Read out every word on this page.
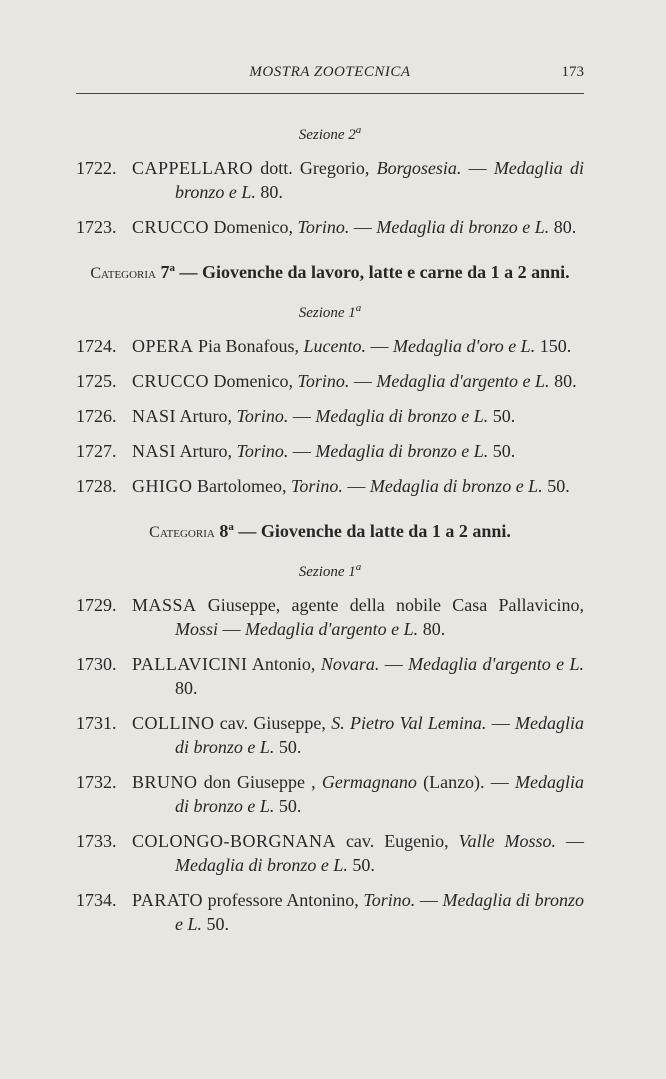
MOSTRA ZOOTECNICA	173
Sezione 2$^a$
1722. CAPPELLARO dott. Gregorio, Borgosesia. — Medaglia di bronzo e L. 80.
1723. CRUCCO Domenico, Torino. — Medaglia di bronzo e L. 80.
Categoria 7$^a$ — Giovenche da lavoro, latte e carne da 1 a 2 anni.
Sezione 1$^a$
1724. OPERA Pia Bonafous, Lucento. — Medaglia d'oro e L. 150.
1725. CRUCCO Domenico, Torino. — Medaglia d'argento e L. 80.
1726. NASI Arturo, Torino. — Medaglia di bronzo e L. 50.
1727. NASI Arturo, Torino. — Medaglia di bronzo e L. 50.
1728. GHIGO Bartolomeo, Torino. — Medaglia di bronzo e L. 50.
Categoria 8$^a$ — Giovenche da latte da 1 a 2 anni.
Sezione 1$^a$
1729. MASSA Giuseppe, agente della nobile Casa Pallavicino, Mossi — Medaglia d'argento e L. 80.
1730. PALLAVICINI Antonio, Novara. — Medaglia d'argento e L. 80.
1731. COLLINO cav. Giuseppe, S. Pietro Val Lemina. — Medaglia di bronzo e L. 50.
1732. BRUNO don Giuseppe , Germagnano (Lanzo). — Medaglia di bronzo e L. 50.
1733. COLONGO-BORGNANA cav. Eugenio, Valle Mosso. — Medaglia di bronzo e L. 50.
1734. PARATO professore Antonino, Torino. — Medaglia di bronzo e L. 50.
